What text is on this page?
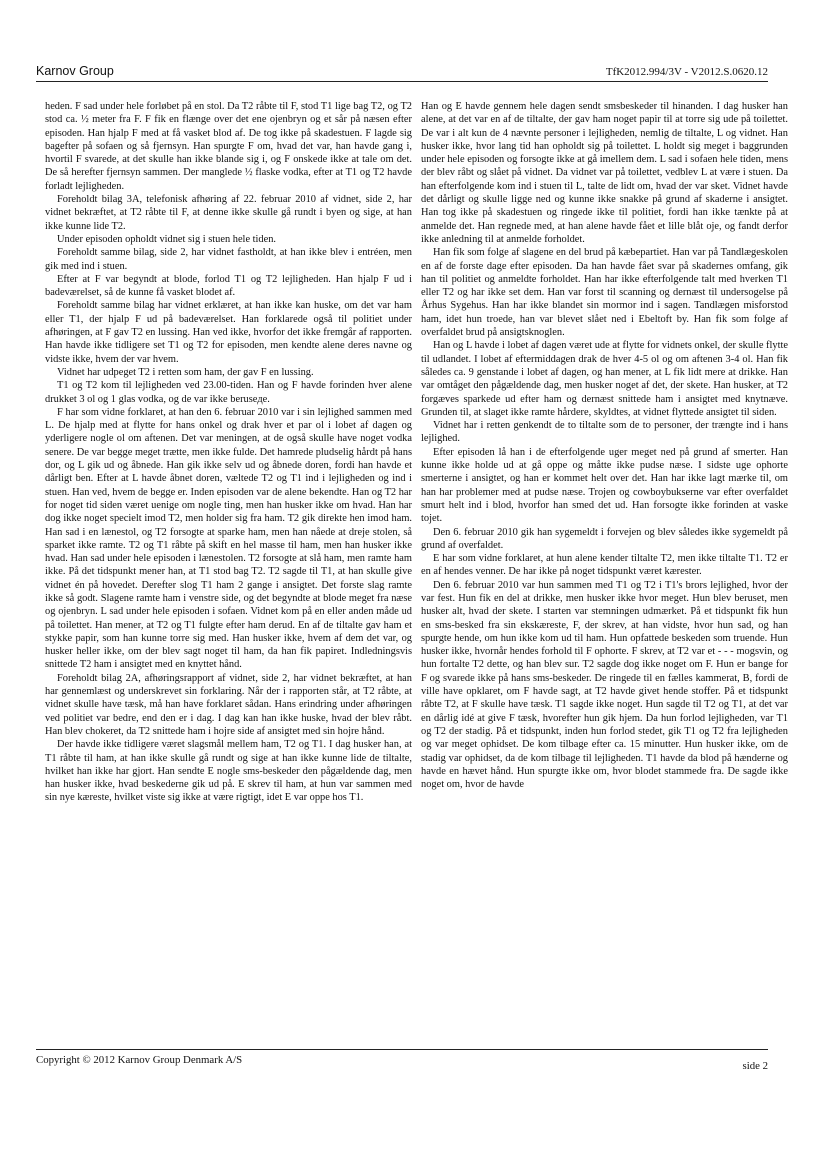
Karnov Group	TfK2012.994/3V - V2012.S.0620.12

heden. F sad under hele forløbet på en stol. Da T2 råbte til F, stod T1 lige bag T2, og T2 stod ca. ½ meter fra F. F fik en flænge over det ene ojenbryn og et sår på næsen efter episoden. Han hjalp F med at få vasket blod af. De tog ikke på skadestuen. F lagde sig bagefter på sofaen og så fjernsyn. Han spurgte F om, hvad det var, han havde gang i, hvortil F svarede, at det skulle han ikke blande sig i, og F onskede ikke at tale om det. De så herefter fjernsyn sammen. Der manglede ½ flaske vodka, efter at T1 og T2 havde forladt lejligheden.

Foreholdt bilag 3A, telefonisk afhøring af 22. februar 2010 af vidnet, side 2, har vidnet bekræftet, at T2 råbte til F, at denne ikke skulle gå rundt i byen og sige, at han ikke kunne lide T2.

Under episoden opholdt vidnet sig i stuen hele tiden.

Foreholdt samme bilag, side 2, har vidnet fastholdt, at han ikke blev i entréen, men gik med ind i stuen.

Efter at F var begyndt at blode, forlod T1 og T2 lejligheden. Han hjalp F ud i badeværelset, så de kunne få vasket blodet af.

Foreholdt samme bilag har vidnet erklæret, at han ikke kan huske, om det var ham eller T1, der hjalp F ud på badeværelset. Han forklarede også til politiet under afhøringen, at F gav T2 en lussing. Han ved ikke, hvorfor det ikke fremgår af rapporten. Han havde ikke tidligere set T1 og T2 for episoden, men kendte alene deres navne og vidste ikke, hvem der var hvem.

Vidnet har udpeget T2 i retten som ham, der gav F en lussing.

T1 og T2 kom til lejligheden ved 23.00-tiden. Han og F havde forinden hver alene drukket 3 ol og 1 glas vodka, og de var ikke beruseде.

F har som vidne forklaret, at han den 6. februar 2010 var i sin lejlighed sammen med L. De hjalp med at flytte for hans onkel og drak hver et par ol i lobet af dagen og yderligere nogle ol om aftenen. Det var meningen, at de også skulle have noget vodka senere. De var begge meget trætte, men ikke fulde. Det hamrede pludselig hårdt på hans dor, og L gik ud og åbnede. Han gik ikke selv ud og åbnede doren, fordi han havde et dårligt ben. Efter at L havde åbnet doren, væltede T2 og T1 ind i lejligheden og ind i stuen. Han ved, hvem de begge er. Inden episoden var de alene bekendte. Han og T2 har for noget tid siden været uenige om nogle ting, men han husker ikke om hvad. Han har dog ikke noget specielt imod T2, men holder sig fra ham. T2 gik direkte hen imod ham. Han sad i en lænestol, og T2 forsogte at sparke ham, men han nåede at dreje stolen, så sparket ikke ramte. T2 og T1 råbte på skift en hel masse til ham, men han husker ikke hvad. Han sad under hele episoden i lænestolen. T2 forsogte at slå ham, men ramte ham ikke. På det tidspunkt mener han, at T1 stod bag T2. T2 sagde til T1, at han skulle give vidnet én på hovedet. Derefter slog T1 ham 2 gange i ansigtet. Det forste slag ramte ikke så godt. Slagene ramte ham i venstre side, og det begyndte at blode meget fra næse og ojenbryn. L sad under hele episoden i sofaen. Vidnet kom på en eller anden måde ud på toilettet. Han mener, at T2 og T1 fulgte efter ham derud. En af de tiltalte gav ham et stykke papir, som han kunne torre sig med. Han husker ikke, hvem af dem det var, og husker heller ikke, om der blev sagt noget til ham, da han fik papiret. Indledningsvis snittede T2 ham i ansigtet med en knyttet hånd.

Foreholdt bilag 2A, afhøringsrapport af vidnet, side 2, har vidnet bekræftet, at han har gennemlæst og underskrevet sin forklaring. Når der i rapporten står, at T2 råbte, at vidnet skulle have tæsk, må han have forklaret sådan. Hans erindring under afhøringen ved politiet var bedre, end den er i dag. I dag kan han ikke huske, hvad der blev råbt. Han blev chokeret, da T2 snittede ham i hojre side af ansigtet med sin hojre hånd.

Der havde ikke tidligere været slagsmål mellem ham, T2 og T1. I dag husker han, at T1 råbte til ham, at han ikke skulle gå rundt og sige at han ikke kunne lide de tiltalte, hvilket han ikke har gjort. Han sendte E nogle sms-beskeder den pågældende dag, men han husker ikke, hvad beskederne gik ud på. E skrev til ham, at hun var sammen med sin nye kæreste, hvilket viste sig ikke at være rigtigt, idet E var oppe hos T1.

Han og E havde gennem hele dagen sendt smsbeskeder til hinanden. I dag husker han alene, at det var en af de tiltalte, der gav ham noget papir til at torre sig ude på toilettet. De var i alt kun de 4 nævnte personer i lejligheden, nemlig de tiltalte, L og vidnet. Han husker ikke, hvor lang tid han opholdt sig på toilettet. L holdt sig meget i baggrunden under hele episoden og forsogte ikke at gå imellem dem. L sad i sofaen hele tiden, mens der blev råbt og slået på vidnet. Da vidnet var på toilettet, vedblev L at være i stuen. Da han efterfolgende kom ind i stuen til L, talte de lidt om, hvad der var sket. Vidnet havde det dårligt og skulle ligge ned og kunne ikke snakke på grund af skaderne i ansigtet. Han tog ikke på skadestuen og ringede ikke til politiet, fordi han ikke tænkte på at anmelde det. Han regnede med, at han alene havde fået et lille blåt oje, og fandt derfor ikke anledning til at anmelde forholdet.

Han fik som folge af slagene en del brud på kæbepartiet. Han var på Tandlægeskolen en af de forste dage efter episoden. Da han havde fået svar på skadernes omfang, gik han til politiet og anmeldte forholdet. Han har ikke efterfolgende talt med hverken T1 eller T2 og har ikke set dem. Han var forst til scanning og dernæst til undersogelse på Århus Sygehus. Han har ikke blandet sin mormor ind i sagen. Tandlægen misforstod ham, idet hun troede, han var blevet slået ned i Ebeltoft by. Han fik som folge af overfaldet brud på ansigtsknoglen.

Han og L havde i lobet af dagen været ude at flytte for vidnets onkel, der skulle flytte til udlandet. I lobet af eftermiddagen drak de hver 4-5 ol og om aftenen 3-4 ol. Han fik således ca. 9 genstande i lobet af dagen, og han mener, at L fik lidt mere at drikke. Han var omtåget den pågældende dag, men husker noget af det, der skete. Han husker, at T2 forgæves sparkede ud efter ham og dernæst snittede ham i ansigtet med knytnæve. Grunden til, at slaget ikke ramte hårdere, skyldtes, at vidnet flyttede ansigtet til siden.

Vidnet har i retten genkendt de to tiltalte som de to personer, der trængte ind i hans lejlighed.

Efter episoden lå han i de efterfolgende uger meget ned på grund af smerter. Han kunne ikke holde ud at gå oppe og måtte ikke pudse næse. I sidste uge ophorte smerterne i ansigtet, og han er kommet helt over det. Han har ikke lagt mærke til, om han har problemer med at pudse næse. Trojen og cowboybukserne var efter overfaldet smurt helt ind i blod, hvorfor han smed det ud. Han forsogte ikke forinden at vaske tojet.

Den 6. februar 2010 gik han sygemeldt i forvejen og blev således ikke sygemeldt på grund af overfaldet.

E har som vidne forklaret, at hun alene kender tiltalte T2, men ikke tiltalte T1. T2 er en af hendes venner. De har ikke på noget tidspunkt været kærester.

Den 6. februar 2010 var hun sammen med T1 og T2 i T1's brors lejlighed, hvor der var fest. Hun fik en del at drikke, men husker ikke hvor meget. Hun blev beruset, men husker alt, hvad der skete. I starten var stemningen udmærket. På et tidspunkt fik hun en sms-besked fra sin ekskæreste, F, der skrev, at han vidste, hvor hun sad, og han spurgte hende, om hun ikke kom ud til ham. Hun opfattede beskeden som truende. Hun husker ikke, hvornår hendes forhold til F ophorte. F skrev, at T2 var et - - - mogsvin, og hun fortalte T2 dette, og han blev sur. T2 sagde dog ikke noget om F. Hun er bange for F og svarede ikke på hans sms-beskeder. De ringede til en fælles kammerat, B, fordi de ville have opklaret, om F havde sagt, at T2 havde givet hende stoffer. På et tidspunkt råbte T2, at F skulle have tæsk. T1 sagde ikke noget. Hun sagde til T2 og T1, at det var en dårlig idé at give F tæsk, hvorefter hun gik hjem. Da hun forlod lejligheden, var T1 og T2 der stadig. På et tidspunkt, inden hun forlod stedet, gik T1 og T2 fra lejligheden og var meget ophidset. De kom tilbage efter ca. 15 minutter. Hun husker ikke, om de stadig var ophidset, da de kom tilbage til lejligheden. T1 havde da blod på hænderne og havde en hævet hånd. Hun spurgte ikke om, hvor blodet stammede fra. De sagde ikke noget om, hvor de havde

Copyright © 2012 Karnov Group Denmark A/S	side 2
